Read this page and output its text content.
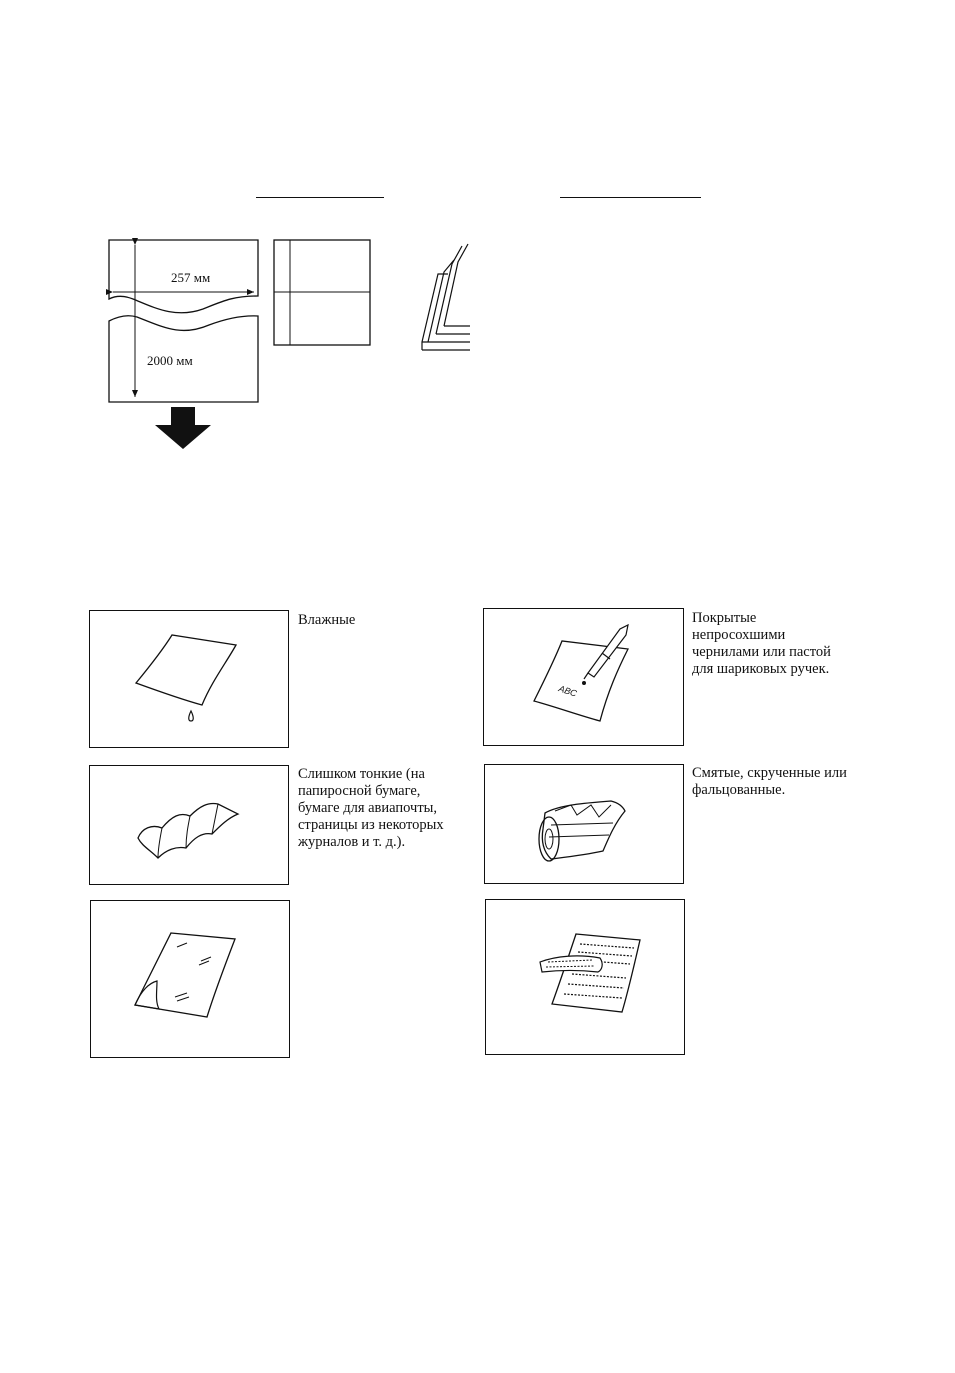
257 мм
2000 мм
Влажные
ABC
Покрытые
непросохшими
чернилами или пастой
для шариковых ручек.
Слишком тонкие (на
папиросной бумаге,
бумаге для авиапочты,
страницы из некоторых
журналов и т. д.).
Смятые, скрученные или
фальцованные.
